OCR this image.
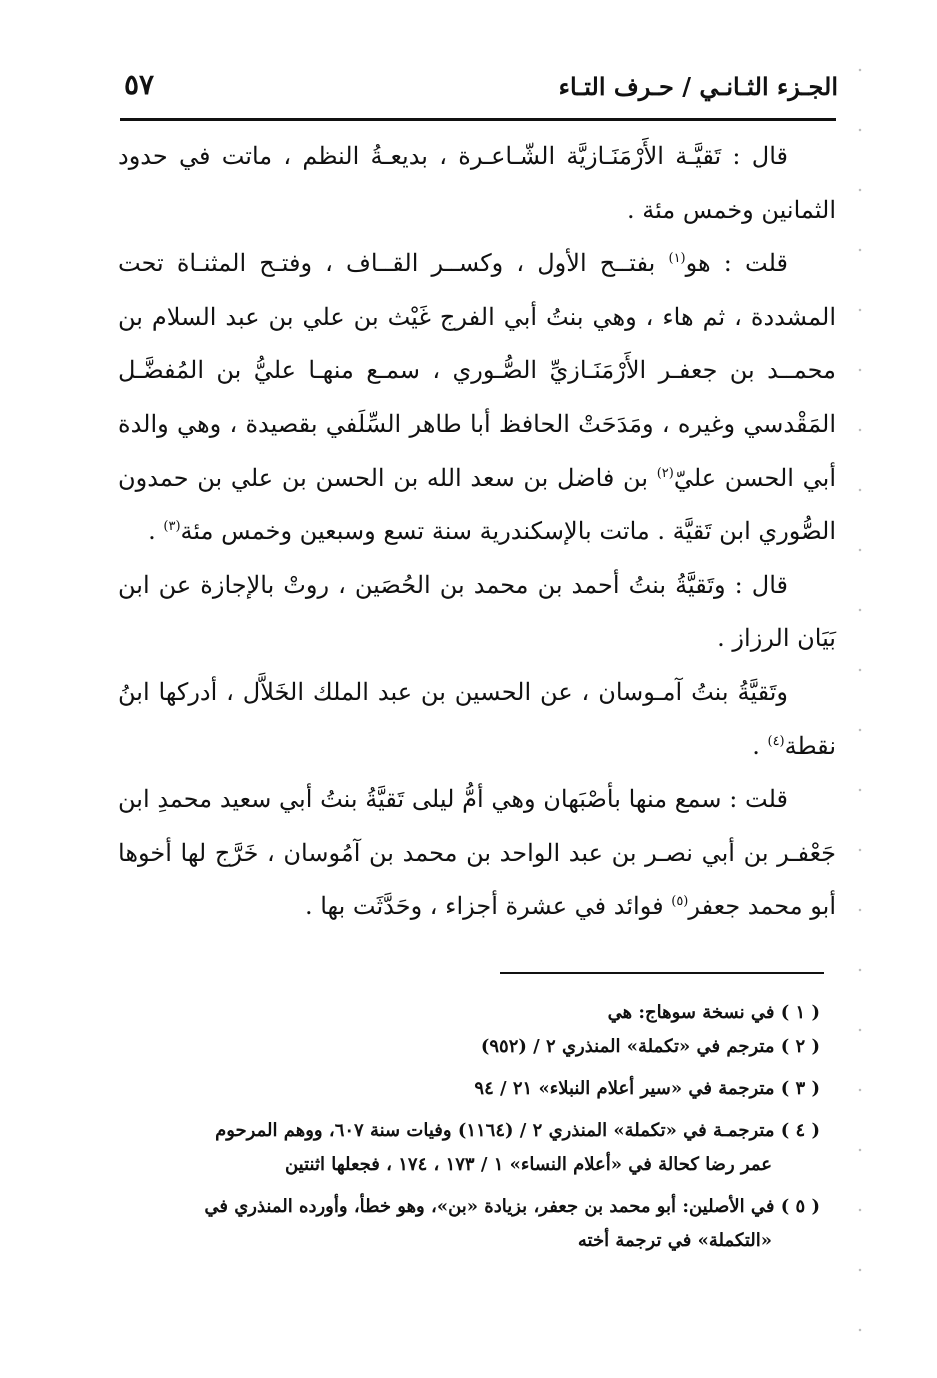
الجـزء الثـانـي / حـرف التـاء
٥٧

قال : تَقيَّـة الأَرْمَنَـازيَّة الشّـاعـرة ، بديعـةُ النظم ، ماتت في حدود الثمانين وخمس مئة .

قلت : هو$^{(١)}$ بفتــح الأول ، وكســر القــاف ، وفتـح المثنـاة تحت المشددة ، ثم هاء ، وهي بنتُ أبي الفرج غَيْث بن علي بن عبد السلام بن محمــد بن جعفـر الأَرْمَنَـازيِّ الصُّـوري ، سمـع منهـا عليُّ بن المُفضَّـل المَقْدسي وغيره ، ومَدَحَتْ الحافظ أبا طاهر السِّلَفي بقصيدة ، وهي والدة أبي الحسن عليّ$^{(٢)}$ بن فاضل بن سعد الله بن الحسن بن علي بن حمدون الصُّوري ابن تَقيَّة . ماتت بالإسكندرية سنة تسع وسبعين وخمس مئة$^{(٣)}$ .

قال : وتَقيَّةُ بنتُ أحمد بن محمد بن الحُصَين ، روتْ بالإجازة عن ابن بَيَان الرزاز .

وتَقيَّةُ بنتُ آمـوسان ، عن الحسين بن عبد الملك الخَلاَّل ، أدركها ابنُ نقطة$^{(٤)}$ .

قلت : سمع منها بأصْبَهان وهي أمُّ ليلى تَقيَّةُ بنتُ أبي سعيد محمدِ ابن جَعْفـر بن أبي نصـر بن عبد الواحد بن محمد بن آمُوسان ، خَرَّج لها أخوها أبو محمد جعفر$^{(٥)}$ فوائد في عشرة أجزاء ، وحَدَّثَت بها .

( ١ ) في نسخة سوهاج: هي

( ٢ ) مترجم في «تكملة» المنذري ٢ / (٩٥٢)

( ٣ ) مترجمة في «سير أعلام النبلاء» ٢١ / ٩٤

( ٤ ) مترجمـة في «تكملة» المنذري ٢ / (١١٦٤) وفيات سنة ٦٠٧، ووهم المرحوم

عمر رضا كحالة في «أعلام النساء» ١ / ١٧٣ ، ١٧٤ ، فجعلها اثنتين

( ٥ ) في الأصلين: أبو محمد بن جعفر، بزيادة «بن»، وهو خطأ، وأورده المنذري في

«التكملة» في ترجمة أخته
